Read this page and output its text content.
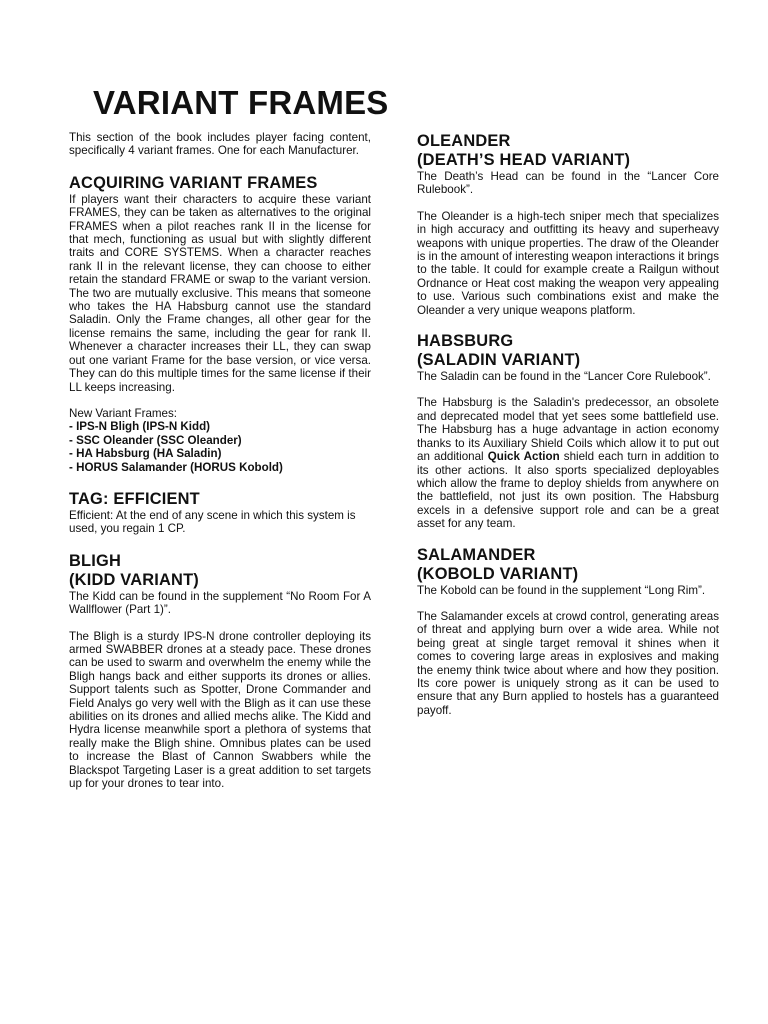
VARIANT FRAMES

This section of the book includes player facing content, specifically 4 variant frames. One for each Manufacturer.

ACQUIRING VARIANT FRAMES

If players want their characters to acquire these variant FRAMES, they can be taken as alternatives to the original FRAMES when a pilot reaches rank II in the license for that mech, functioning as usual but with slightly different traits and CORE SYSTEMS. When a character reaches rank II in the relevant license, they can choose to either retain the standard FRAME or swap to the variant version. The two are mutually exclusive. This means that someone who takes the HA Habsburg cannot use the standard Saladin. Only the Frame changes, all other gear for the license remains the same, including the gear for rank II. Whenever a character increases their LL, they can swap out one variant Frame for the base version, or vice versa. They can do this multiple times for the same license if their LL keeps increasing.

New Variant Frames:

- IPS-N Bligh (IPS-N Kidd)
- SSC Oleander (SSC Oleander)
- HA Habsburg (HA Saladin)
- HORUS Salamander (HORUS Kobold)
TAG: EFFICIENT

Efficient: At the end of any scene in which this system is used, you regain 1 CP.

BLIGH
(KIDD VARIANT)

The Kidd can be found in the supplement “No Room For A Wallflower (Part 1)”.

The Bligh is a sturdy IPS-N drone controller deploying its armed SWABBER drones at a steady pace. These drones can be used to swarm and overwhelm the enemy while the Bligh hangs back and either supports its drones or allies. Support talents such as Spotter, Drone Commander and Field Analys go very well with the Bligh as it can use these abilities on its drones and allied mechs alike. The Kidd and Hydra license meanwhile sport a plethora of systems that really make the Bligh shine. Omnibus plates can be used to increase the Blast of Cannon Swabbers while the Blackspot Targeting Laser is a great addition to set targets up for your drones to tear into.

OLEANDER
(DEATH’S HEAD VARIANT)

The Death’s Head can be found in the “Lancer Core Rulebook”.

The Oleander is a high-tech sniper mech that specializes in high accuracy and outfitting its heavy and superheavy weapons with unique properties. The draw of the Oleander is in the amount of interesting weapon interactions it brings to the table. It could for example create a Railgun without Ordnance or Heat cost making the weapon very appealing to use. Various such combinations exist and make the Oleander a very unique weapons platform.

HABSBURG
(SALADIN VARIANT)

The Saladin can be found in the “Lancer Core Rulebook”.

The Habsburg is the Saladin's predecessor, an obsolete and deprecated model that yet sees some battlefield use. The Habsburg has a huge advantage in action economy thanks to its Auxiliary Shield Coils which allow it to put out an additional Quick Action shield each turn in addition to its other actions. It also sports specialized deployables which allow the frame to deploy shields from anywhere on the battlefield, not just its own position. The Habsburg excels in a defensive support role and can be a great asset for any team.

SALAMANDER
(KOBOLD VARIANT)

The Kobold can be found in the supplement “Long Rim”.

The Salamander excels at crowd control, generating areas of threat and applying burn over a wide area. While not being great at single target removal it shines when it comes to covering large areas in explosives and making the enemy think twice about where and how they position. Its core power is uniquely strong as it can be used to ensure that any Burn applied to hostels has a guaranteed payoff.
